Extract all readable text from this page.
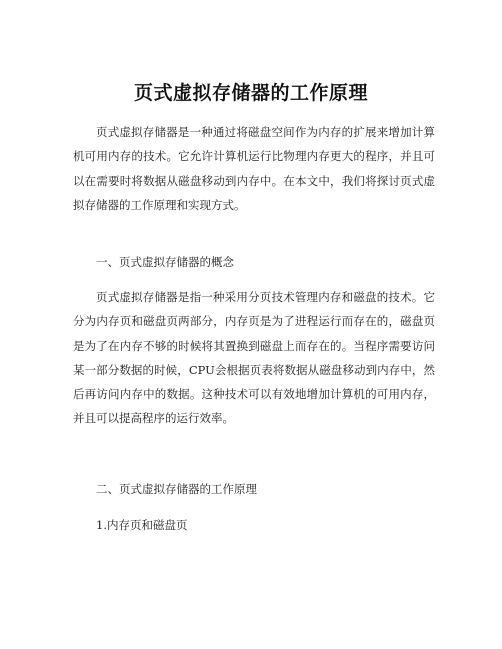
页式虚拟存储器的工作原理

页式虚拟存储器是一种通过将磁盘空间作为内存的扩展来增加计算机可用内存的技术。它允许计算机运行比物理内存更大的程序，并且可以在需要时将数据从磁盘移动到内存中。在本文中，我们将探讨页式虚拟存储器的工作原理和实现方式。

一、页式虚拟存储器的概念

页式虚拟存储器是指一种采用分页技术管理内存和磁盘的技术。它分为内存页和磁盘页两部分，内存页是为了进程运行而存在的，磁盘页是为了在内存不够的时候将其置换到磁盘上而存在的。当程序需要访问某一部分数据的时候，CPU会根据页表将数据从磁盘移动到内存中，然后再访问内存中的数据。这种技术可以有效地增加计算机的可用内存，并且可以提高程序的运行效率。

二、页式虚拟存储器的工作原理

1.内存页和磁盘页
